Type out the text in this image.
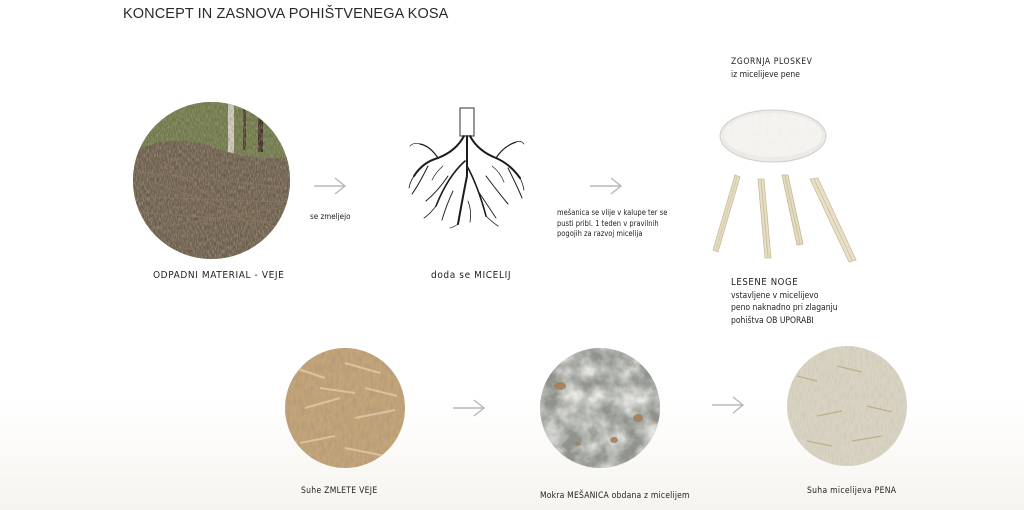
KONCEPT IN ZASNOVA POHIŠTVENEGA KOSA
ODPADNI MATERIAL - VEJE
se zmeljejo
doda se MICELIJ
mešanica se vlije v kalupe ter se
pusti pribl. 1 teden v pravilnih
pogojih za razvoj micelija
ZGORNJA PLOSKEV
iz micelijeve pene
LESENE NOGE
vstavljene v micelijevo
peno naknadno pri zlaganju
pohištva OB UPORABI
Suhe ZMLETE VEJE	Mokra MEŠANICA obdana z micelijem	Suha micelijeva PENA
